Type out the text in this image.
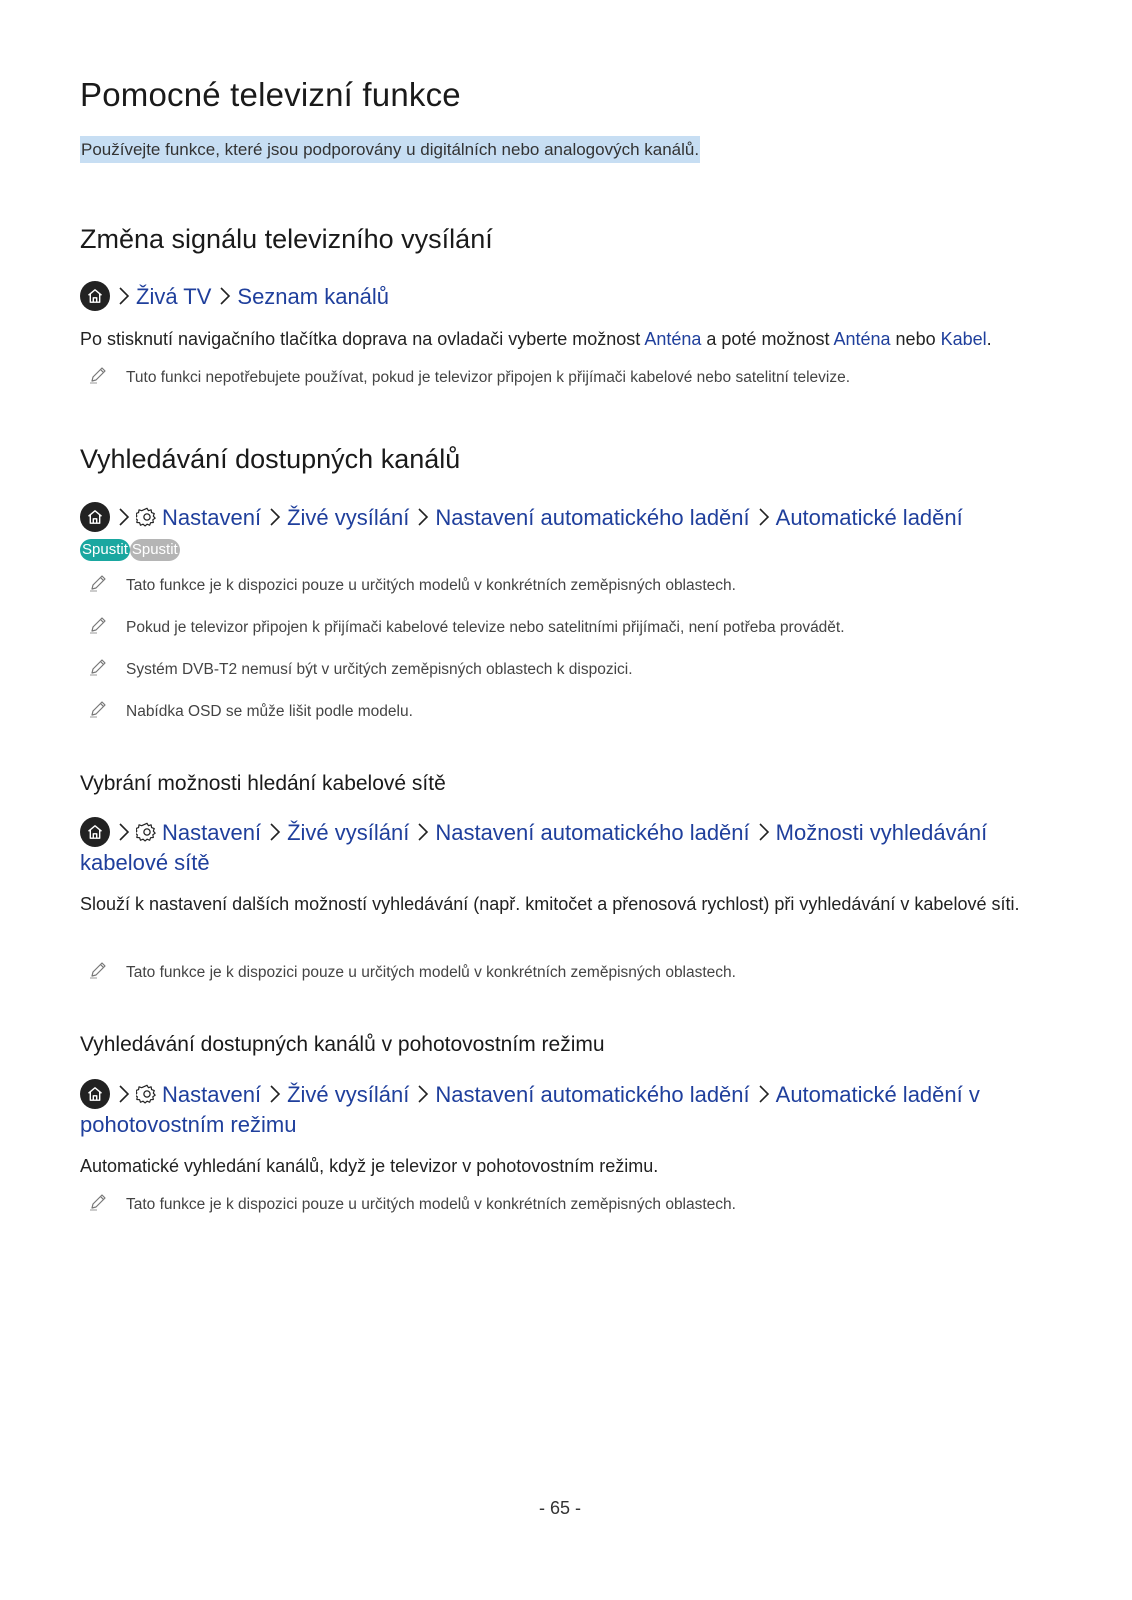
Pomocné televizní funkce
Používejte funkce, které jsou podporovány u digitálních nebo analogových kanálů.
Změna signálu televizního vysílání
Živá TV Seznam kanálů
Po stisknutí navigačního tlačítka doprava na ovladači vyberte možnost Anténa a poté možnost Anténa nebo Kabel.
Tuto funkci nepotřebujete používat, pokud je televizor připojen k přijímači kabelové nebo satelitní televize.
Vyhledávání dostupných kanálů
Nastavení Živé vysílání Nastavení automatického ladění Automatické ladění
Spustit Spustit
Tato funkce je k dispozici pouze u určitých modelů v konkrétních zeměpisných oblastech.
Pokud je televizor připojen k přijímači kabelové televize nebo satelitními přijímači, není potřeba provádět.
Systém DVB-T2 nemusí být v určitých zeměpisných oblastech k dispozici.
Nabídka OSD se může lišit podle modelu.
Vybrání možnosti hledání kabelové sítě
Nastavení Živé vysílání Nastavení automatického ladění Možnosti vyhledávání kabelové sítě
Slouží k nastavení dalších možností vyhledávání (např. kmitočet a přenosová rychlost) při vyhledávání v kabelové síti.
Tato funkce je k dispozici pouze u určitých modelů v konkrétních zeměpisných oblastech.
Vyhledávání dostupných kanálů v pohotovostním režimu
Nastavení Živé vysílání Nastavení automatického ladění Automatické ladění v pohotovostním režimu
Automatické vyhledání kanálů, když je televizor v pohotovostním režimu.
Tato funkce je k dispozici pouze u určitých modelů v konkrétních zeměpisných oblastech.
- 65 -
